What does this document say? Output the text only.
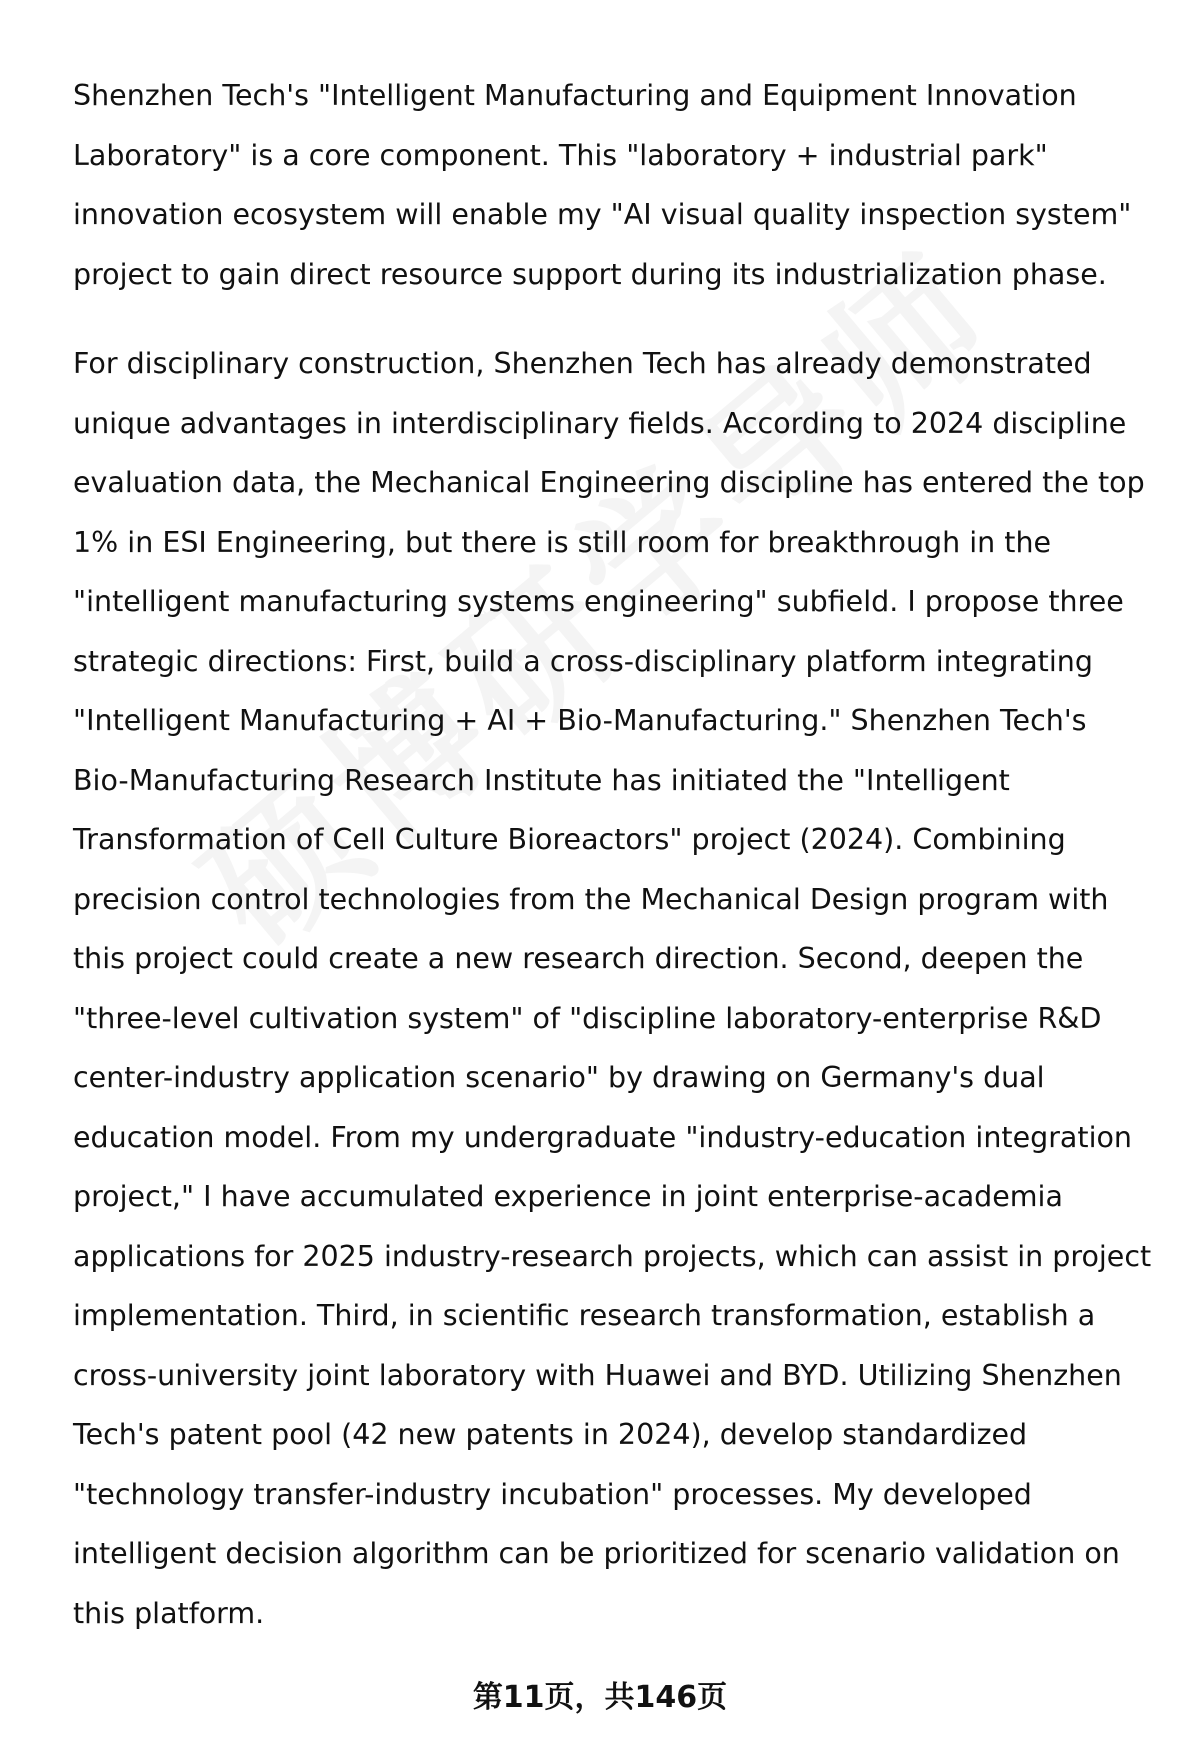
Shenzhen Tech's "Intelligent Manufacturing and Equipment Innovation
Laboratory" is a core component. This "laboratory + industrial park"
innovation ecosystem will enable my "AI visual quality inspection system"
project to gain direct resource support during its industrialization phase.

For disciplinary construction, Shenzhen Tech has already demonstrated
unique advantages in interdisciplinary fields. According to 2024 discipline
evaluation data, the Mechanical Engineering discipline has entered the top
1% in ESI Engineering, but there is still room for breakthrough in the
"intelligent manufacturing systems engineering" subfield. I propose three
strategic directions: First, build a cross-disciplinary platform integrating
"Intelligent Manufacturing + AI + Bio-Manufacturing." Shenzhen Tech's
Bio-Manufacturing Research Institute has initiated the "Intelligent
Transformation of Cell Culture Bioreactors" project (2024). Combining
precision control technologies from the Mechanical Design program with
this project could create a new research direction. Second, deepen the
"three-level cultivation system" of "discipline laboratory-enterprise R&D
center-industry application scenario" by drawing on Germany's dual
education model. From my undergraduate "industry-education integration
project," I have accumulated experience in joint enterprise-academia
applications for 2025 industry-research projects, which can assist in project
implementation. Third, in scientific research transformation, establish a
cross-university joint laboratory with Huawei and BYD. Utilizing Shenzhen
Tech's patent pool (42 new patents in 2024), develop standardized
"technology transfer-industry incubation" processes. My developed
intelligent decision algorithm can be prioritized for scenario validation on
this platform.

第11页，共146页
